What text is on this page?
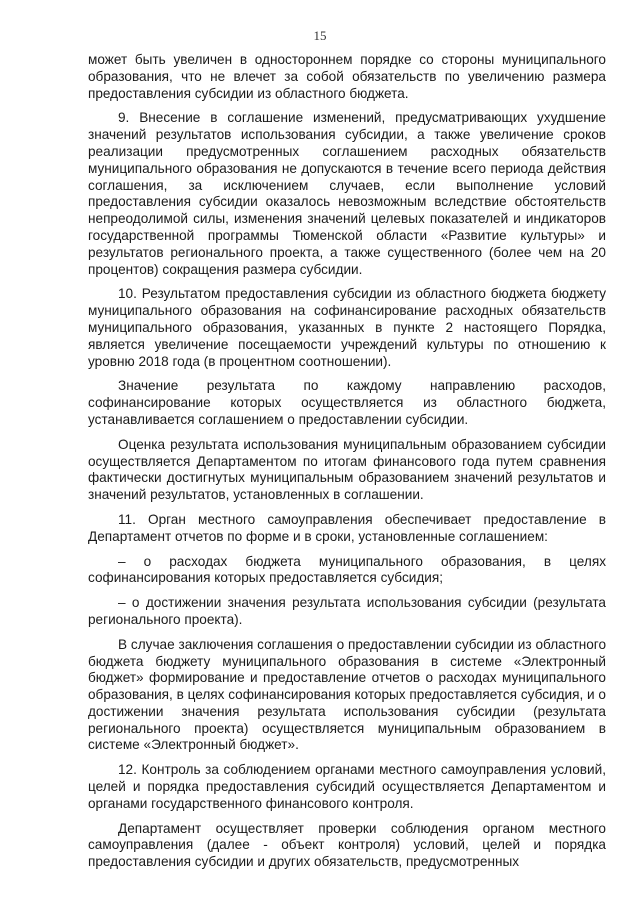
15

может быть увеличен в одностороннем порядке со стороны муниципального образования, что не влечет за собой обязательств по увеличению размера предоставления субсидии из областного бюджета.

9. Внесение в соглашение изменений, предусматривающих ухудшение значений результатов использования субсидии, а также увеличение сроков реализации предусмотренных соглашением расходных обязательств муниципального образования не допускаются в течение всего периода действия соглашения, за исключением случаев, если выполнение условий предоставления субсидии оказалось невозможным вследствие обстоятельств непреодолимой силы, изменения значений целевых показателей и индикаторов государственной программы Тюменской области «Развитие культуры» и результатов регионального проекта, а также существенного (более чем на 20 процентов) сокращения размера субсидии.

10. Результатом предоставления субсидии из областного бюджета бюджету муниципального образования на софинансирование расходных обязательств муниципального образования, указанных в пункте 2 настоящего Порядка, является увеличение посещаемости учреждений культуры по отношению к уровню 2018 года (в процентном соотношении).

Значение результата по каждому направлению расходов, софинансирование которых осуществляется из областного бюджета, устанавливается соглашением о предоставлении субсидии.

Оценка результата использования муниципальным образованием субсидии осуществляется Департаментом по итогам финансового года путем сравнения фактически достигнутых муниципальным образованием значений результатов и значений результатов, установленных в соглашении.

11. Орган местного самоуправления обеспечивает предоставление в Департамент отчетов по форме и в сроки, установленные соглашением:

– о расходах бюджета муниципального образования, в целях софинансирования которых предоставляется субсидия;

– о достижении значения результата использования субсидии (результата регионального проекта).

В случае заключения соглашения о предоставлении субсидии из областного бюджета бюджету муниципального образования в системе «Электронный бюджет» формирование и предоставление отчетов о расходах муниципального образования, в целях софинансирования которых предоставляется субсидия, и о достижении значения результата использования субсидии (результата регионального проекта) осуществляется муниципальным образованием в системе «Электронный бюджет».

12. Контроль за соблюдением органами местного самоуправления условий, целей и порядка предоставления субсидий осуществляется Департаментом и органами государственного финансового контроля.

Департамент осуществляет проверки соблюдения органом местного самоуправления (далее - объект контроля) условий, целей и порядка предоставления субсидии и других обязательств, предусмотренных
